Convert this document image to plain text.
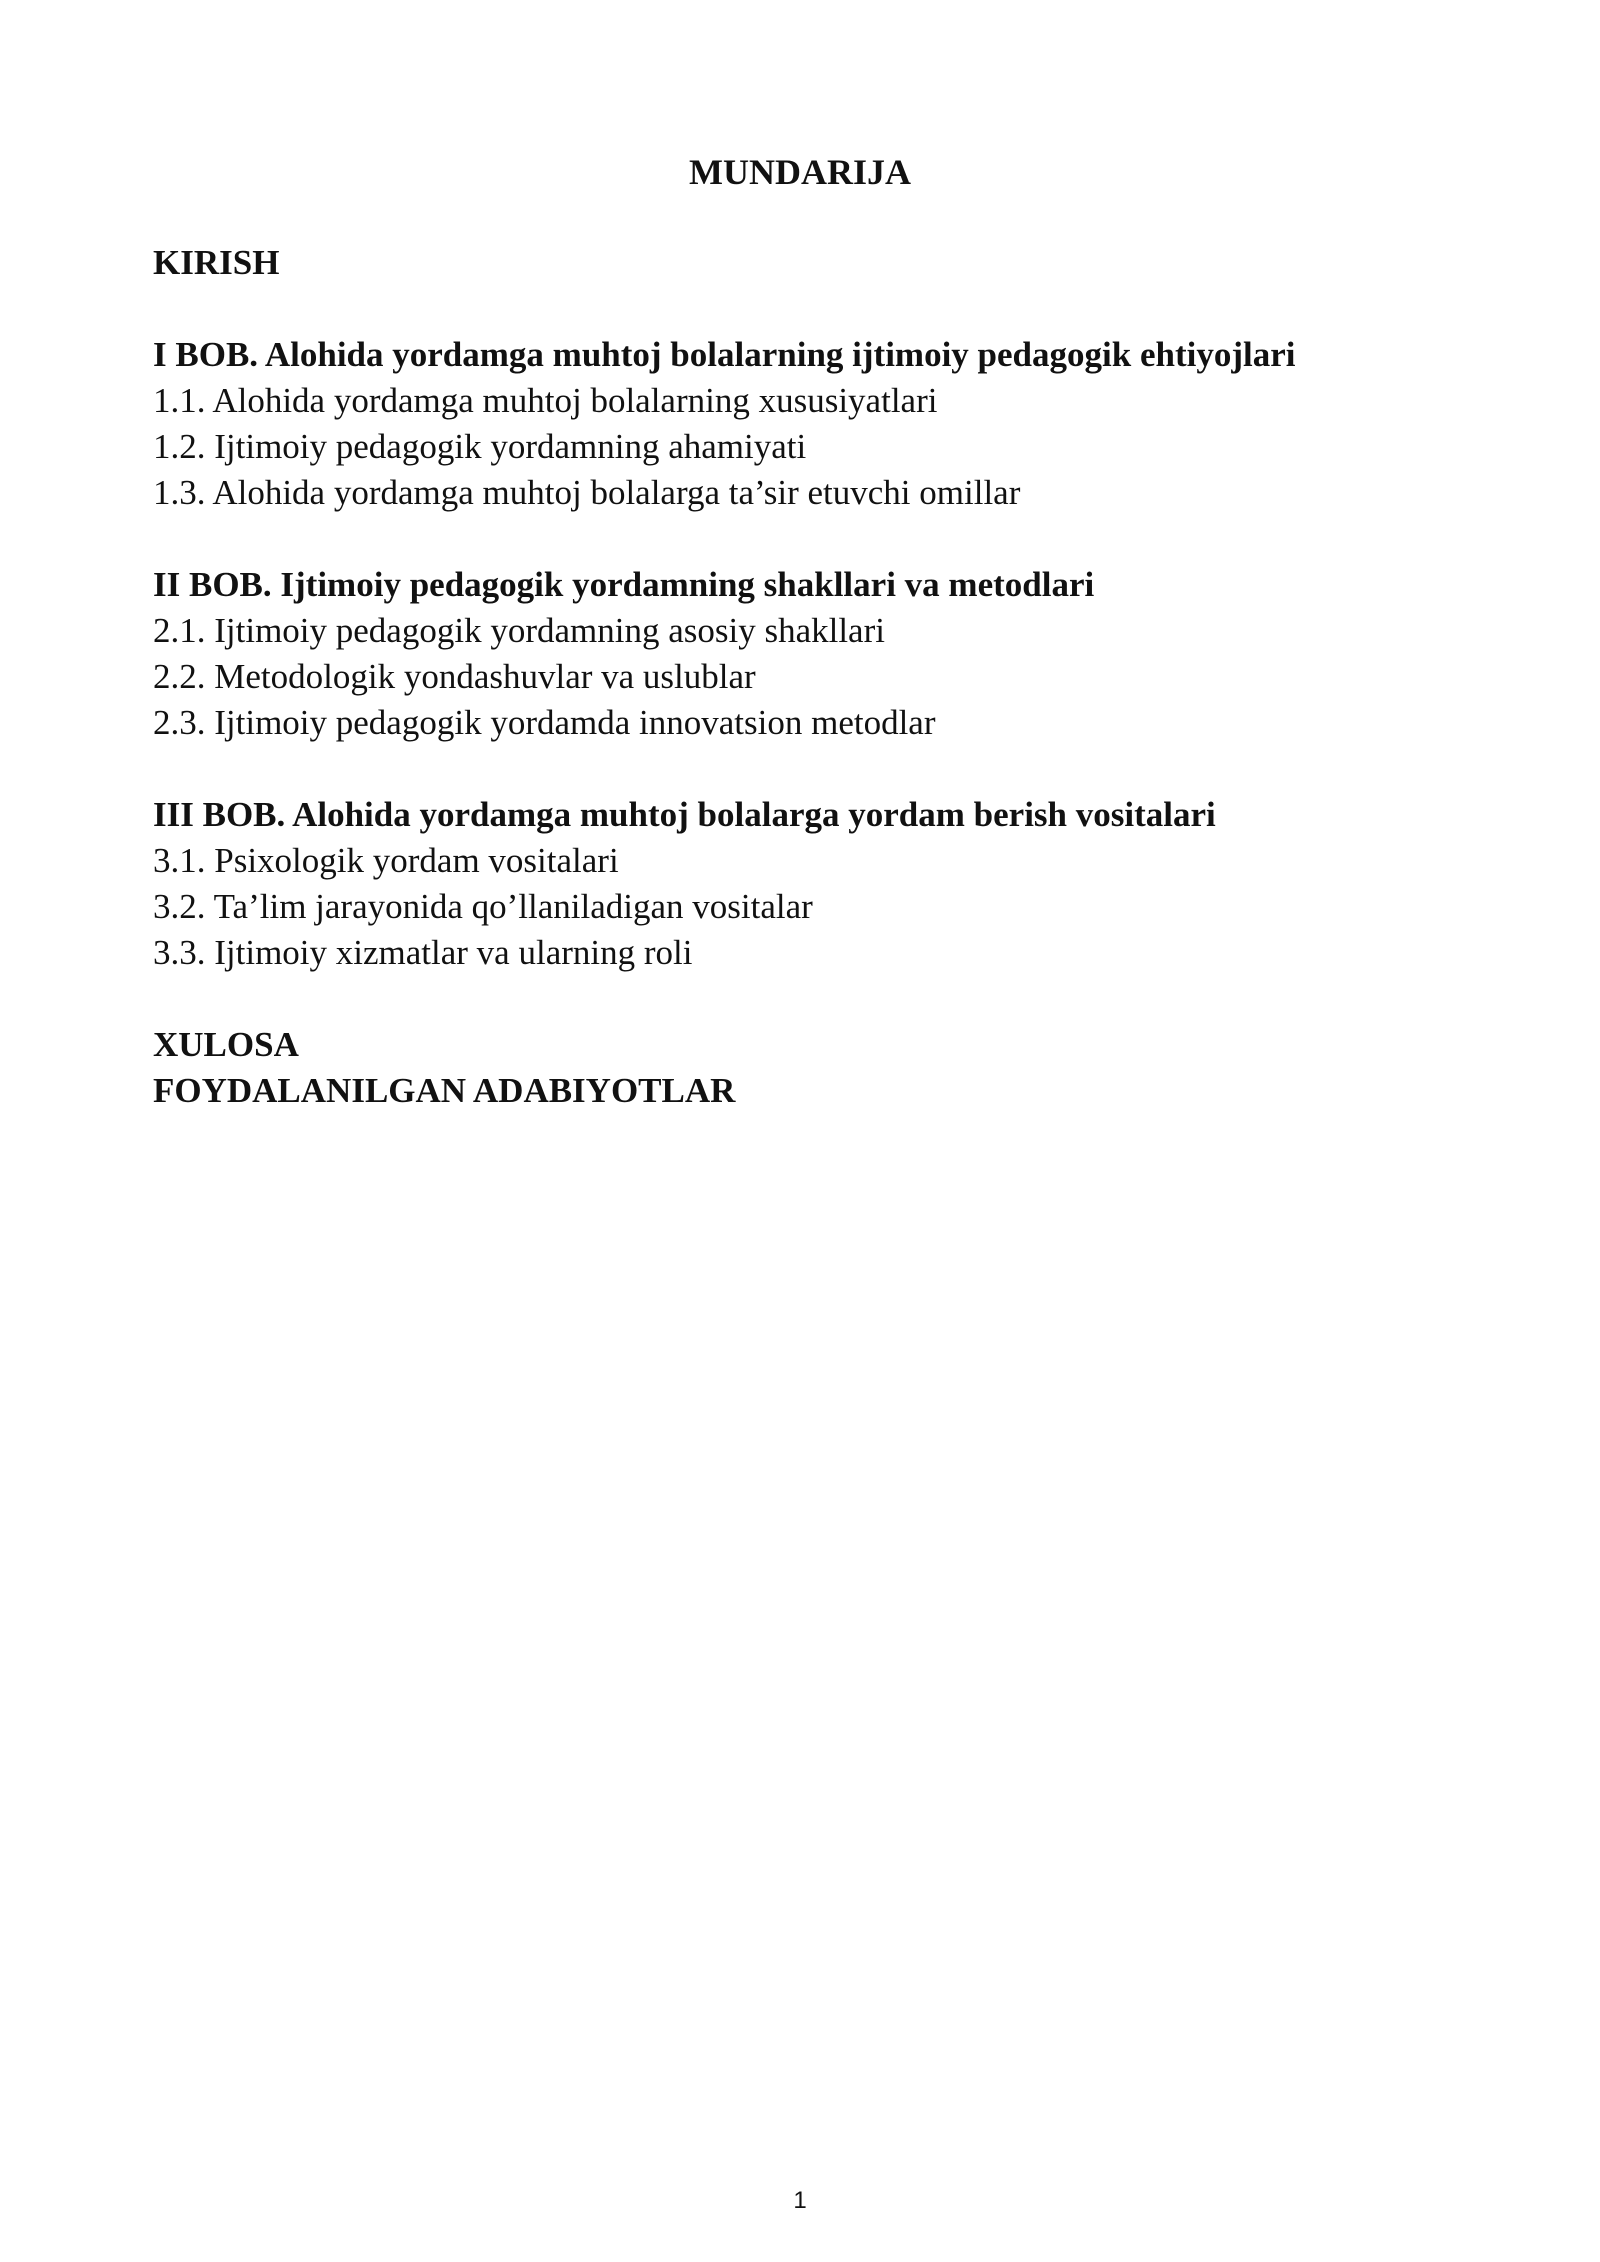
MUNDARIJA

KIRISH

I BOB. Alohida yordamga muhtoj bolalarning ijtimoiy pedagogik ehtiyojlari

1.1. Alohida yordamga muhtoj bolalarning xususiyatlari

1.2. Ijtimoiy pedagogik yordamning ahamiyati

1.3. Alohida yordamga muhtoj bolalarga ta’sir etuvchi omillar

II BOB. Ijtimoiy pedagogik yordamning shakllari va metodlari

2.1. Ijtimoiy pedagogik yordamning asosiy shakllari

2.2. Metodologik yondashuvlar va uslublar

2.3. Ijtimoiy pedagogik yordamda innovatsion metodlar

III BOB. Alohida yordamga muhtoj bolalarga yordam berish vositalari

3.1. Psixologik yordam vositalari

3.2. Ta’lim jarayonida qo’llaniladigan vositalar

3.3. Ijtimoiy xizmatlar va ularning roli

XULOSA

FOYDALANILGAN ADABIYOTLAR

1
